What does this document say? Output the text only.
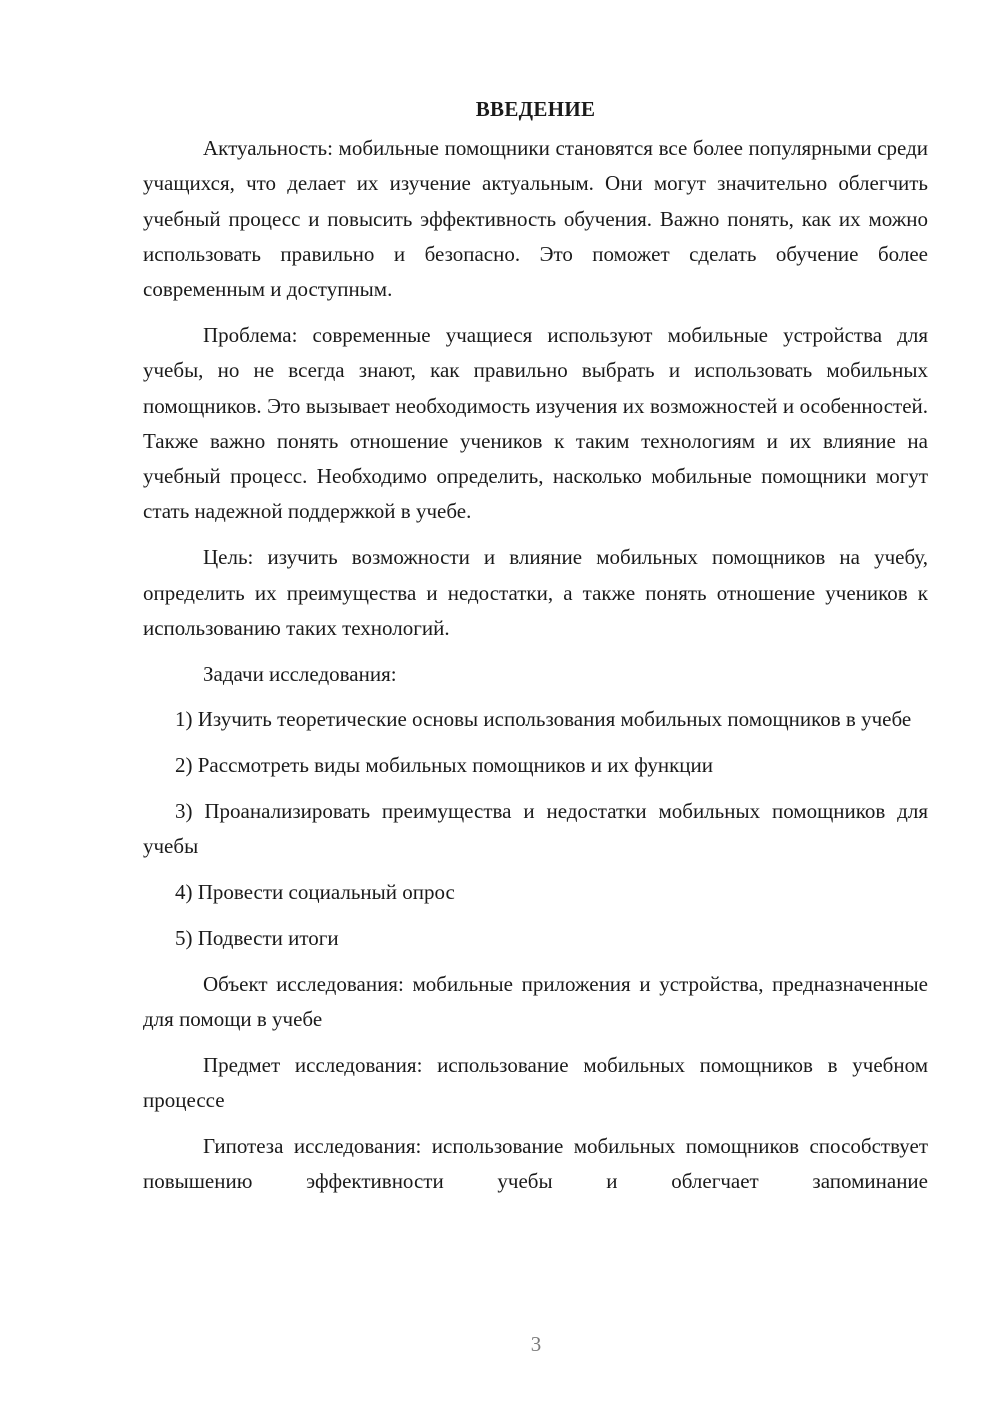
ВВЕДЕНИЕ

Актуальность: мобильные помощники становятся все более популярными среди учащихся, что делает их изучение актуальным. Они могут значительно облегчить учебный процесс и повысить эффективность обучения. Важно понять, как их можно использовать правильно и безопасно. Это поможет сделать обучение более современным и доступным.

Проблема: современные учащиеся используют мобильные устройства для учебы, но не всегда знают, как правильно выбрать и использовать мобильных помощников. Это вызывает необходимость изучения их возможностей и особенностей. Также важно понять отношение учеников к таким технологиям и их влияние на учебный процесс. Необходимо определить, насколько мобильные помощники могут стать надежной поддержкой в учебе.

Цель: изучить возможности и влияние мобильных помощников на учебу, определить их преимущества и недостатки, а также понять отношение учеников к использованию таких технологий.

Задачи исследования:

1) Изучить теоретические основы использования мобильных помощников в учебе

2) Рассмотреть виды мобильных помощников и их функции

3) Проанализировать преимущества и недостатки мобильных помощников для учебы

4) Провести социальный опрос

5) Подвести итоги

Объект исследования: мобильные приложения и устройства, предназначенные для помощи в учебе

Предмет исследования: использование мобильных помощников в учебном процессе

Гипотеза исследования: использование мобильных помощников способствует повышению эффективности учебы и облегчает запоминание

3
